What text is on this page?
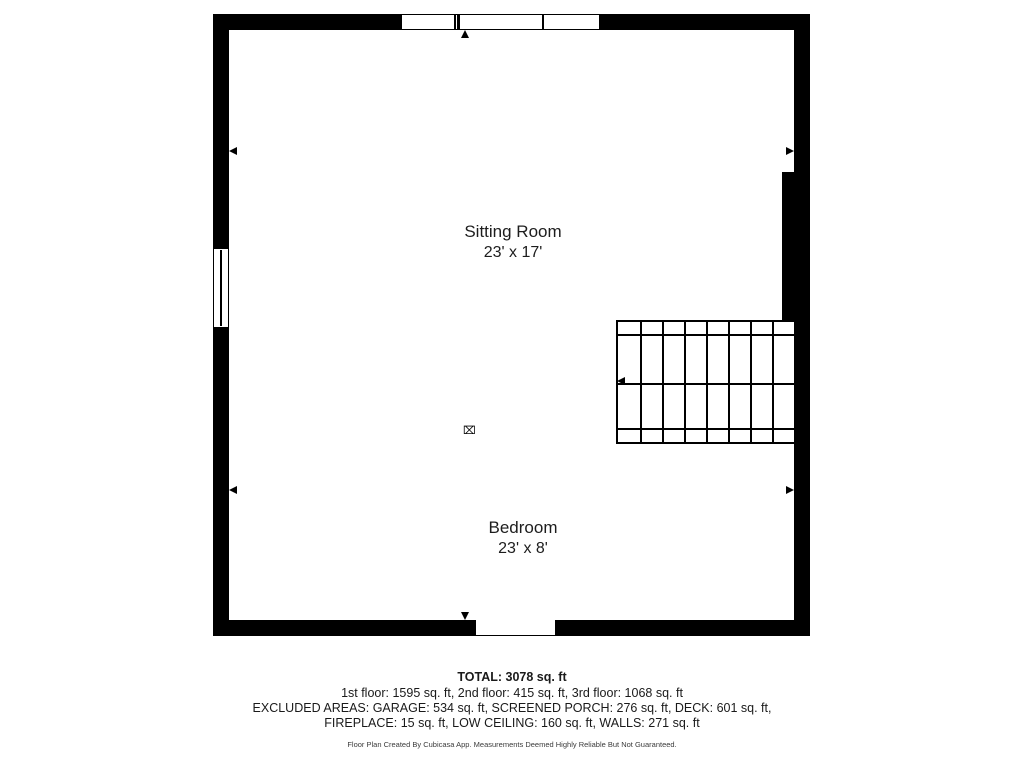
⌧
Sitting Room
23' x 17'
Bedroom
23' x 8'
TOTAL: 3078 sq. ft
1st floor: 1595 sq. ft, 2nd floor: 415 sq. ft, 3rd floor: 1068 sq. ft
EXCLUDED AREAS: GARAGE: 534 sq. ft, SCREENED PORCH: 276 sq. ft, DECK: 601 sq. ft,
FIREPLACE: 15 sq. ft, LOW CEILING: 160 sq. ft, WALLS: 271 sq. ft
Floor Plan Created By Cubicasa App. Measurements Deemed Highly Reliable But Not Guaranteed.
